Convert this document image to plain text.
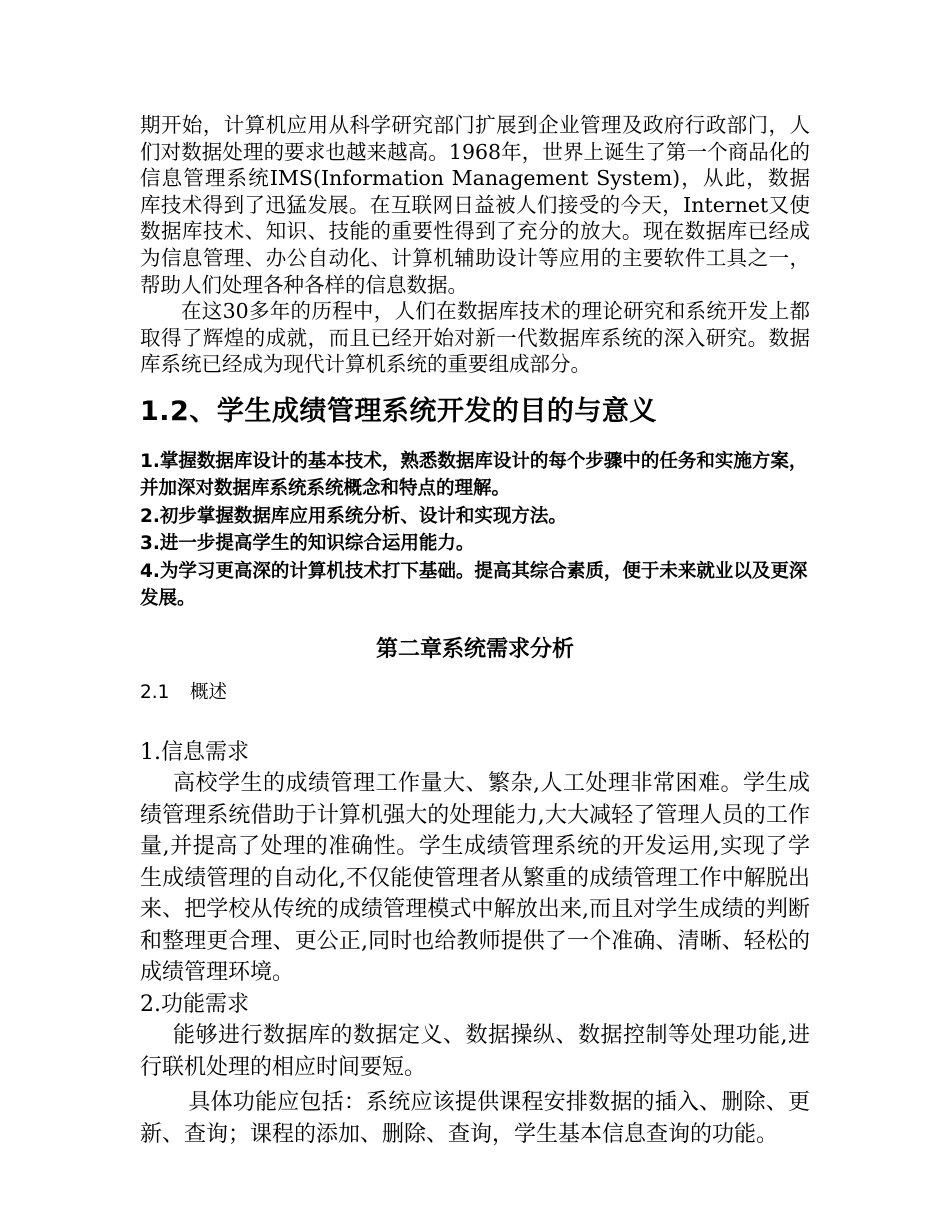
期开始，计算机应用从科学研究部门扩展到企业管理及政府行政部门，人们对数据处理的要求也越来越高。1968年，世界上诞生了第一个商品化的信息管理系统IMS(Information Management System)，从此，数据库技术得到了迅猛发展。在互联网日益被人们接受的今天，Internet又使数据库技术、知识、技能的重要性得到了充分的放大。现在数据库已经成为信息管理、办公自动化、计算机辅助设计等应用的主要软件工具之一，帮助人们处理各种各样的信息数据。

在这30多年的历程中，人们在数据库技术的理论研究和系统开发上都取得了辉煌的成就，而且已经开始对新一代数据库系统的深入研究。数据库系统已经成为现代计算机系统的重要组成部分。

1.2、学生成绩管理系统开发的目的与意义

1.掌握数据库设计的基本技术，熟悉数据库设计的每个步骤中的任务和实施方案，并加深对数据库系统系统概念和特点的理解。

2.初步掌握数据库应用系统分析、设计和实现方法。

3.进一步提高学生的知识综合运用能力。

4.为学习更高深的计算机技术打下基础。提高其综合素质，便于未来就业以及更深发展。

第二章系统需求分析
2.1 概述

1.信息需求

高校学生的成绩管理工作量大、繁杂,人工处理非常困难。学生成绩管理系统借助于计算机强大的处理能力,大大减轻了管理人员的工作量,并提高了处理的准确性。学生成绩管理系统的开发运用,实现了学生成绩管理的自动化,不仅能使管理者从繁重的成绩管理工作中解脱出来、把学校从传统的成绩管理模式中解放出来,而且对学生成绩的判断和整理更合理、更公正,同时也给教师提供了一个准确、清晰、轻松的成绩管理环境。

2.功能需求

能够进行数据库的数据定义、数据操纵、数据控制等处理功能,进行联机处理的相应时间要短。

具体功能应包括：系统应该提供课程安排数据的插入、删除、更新、查询；课程的添加、删除、查询，学生基本信息查询的功能。
